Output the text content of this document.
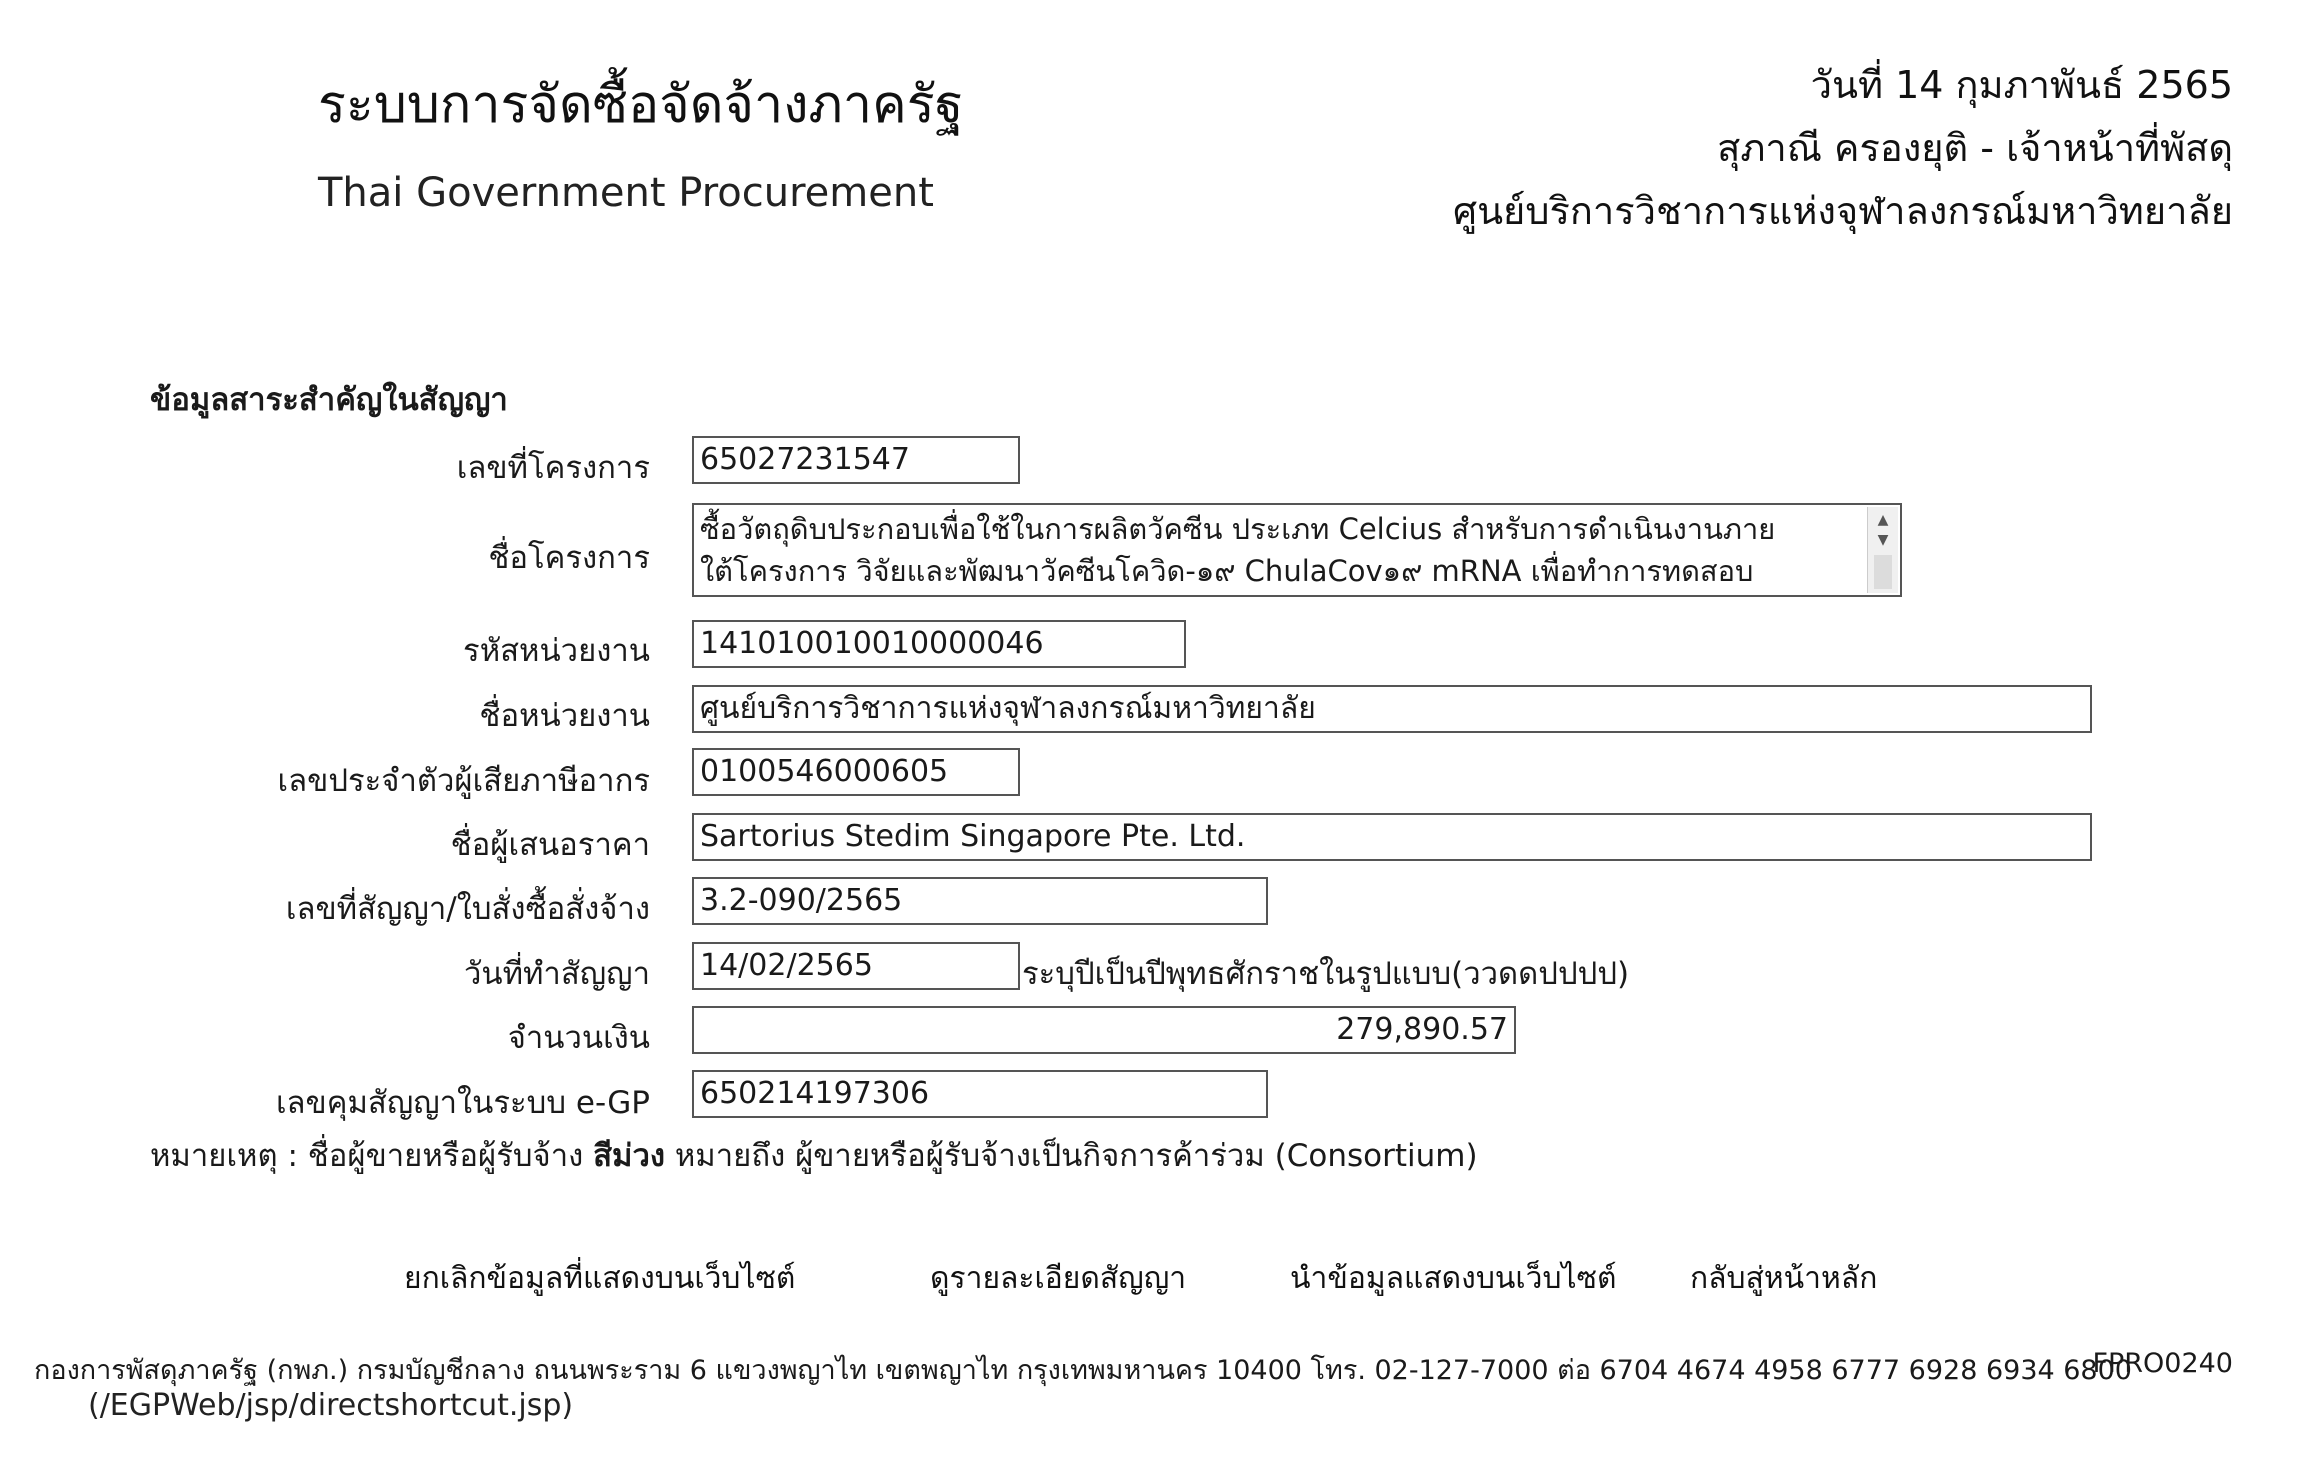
ระบบการจัดซื้อจัดจ้างภาครัฐ
Thai Government Procurement
วันที่ 14 กุมภาพันธ์ 2565
สุภาณี ครองยุติ - เจ้าหน้าที่พัสดุ
ศูนย์บริการวิชาการแห่งจุฬาลงกรณ์มหาวิทยาลัย
ข้อมูลสาระสำคัญในสัญญา
เลขที่โครงการ 65027231547
ชื่อโครงการ
ซื้อวัตถุดิบประกอบเพื่อใช้ในการผลิตวัคซีน ประเภท Celcius สำหรับการดำเนินงานภาย
ใต้โครงการ วิจัยและพัฒนาวัคซีนโควิด-๑๙ ChulaCov๑๙ mRNA เพื่อทำการทดสอบ
▲
▼
รหัสหน่วยงาน 141010010010000046
ชื่อหน่วยงาน ศูนย์บริการวิชาการแห่งจุฬาลงกรณ์มหาวิทยาลัย
เลขประจำตัวผู้เสียภาษีอากร 0100546000605
ชื่อผู้เสนอราคา Sartorius Stedim Singapore Pte. Ltd.
เลขที่สัญญา/ใบสั่งซื้อสั่งจ้าง 3.2-090/2565
วันที่ทำสัญญา 14/02/2565	ระบุปีเป็นปีพุทธศักราชในรูปแบบ(ววดดปปปป)
จำนวนเงิน	279,890.57
เลขคุมสัญญาในระบบ e-GP 650214197306
หมายเหตุ : ชื่อผู้ขายหรือผู้รับจ้าง สีม่วง หมายถึง ผู้ขายหรือผู้รับจ้างเป็นกิจการค้าร่วม (Consortium)
ยกเลิกข้อมูลที่แสดงบนเว็บไซต์	ดูรายละเอียดสัญญา	นำข้อมูลแสดงบนเว็บไซต์ กลับสู่หน้าหลัก
กองการพัสดุภาครัฐ (กพภ.) กรมบัญชีกลาง ถนนพระราม 6 แขวงพญาไท เขตพญาไท กรุงเทพมหานคร 10400 โทร. 02-127-7000 ต่อ 6704 4674 4958 6777 6928 6934 6800
FPRO0240
(/EGPWeb/jsp/directshortcut.jsp)
